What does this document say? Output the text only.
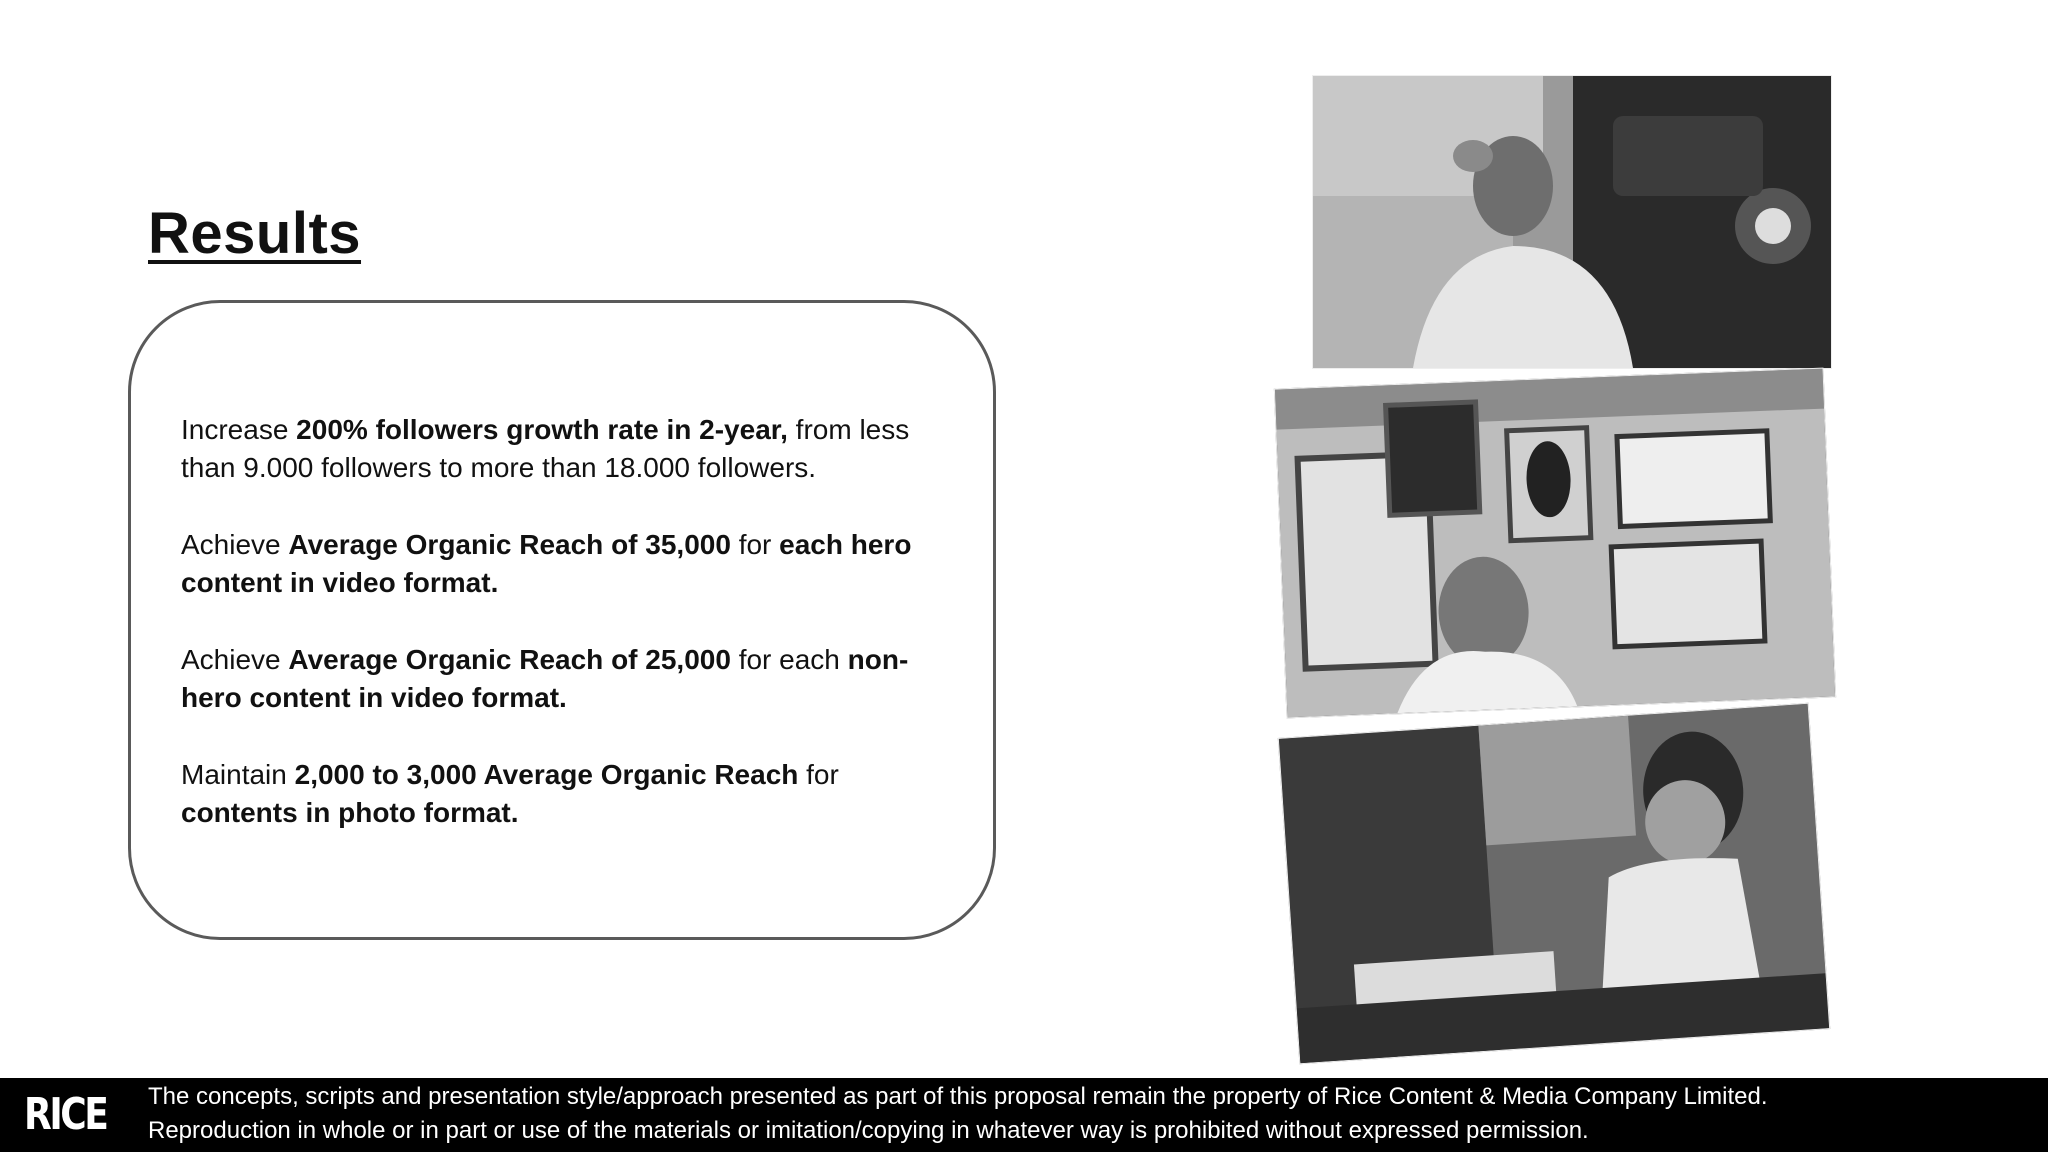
Results

Increase 200% followers growth rate in 2-year, from less than 9.000 followers to more than 18.000 followers.

Achieve Average Organic Reach of 35,000 for each hero content in video format.

Achieve Average Organic Reach of 25,000 for each non-hero content in video format.

Maintain 2,000 to 3,000 Average Organic Reach for contents in photo format.

RICE The concepts, scripts and presentation style/approach presented as part of this proposal remain the property of Rice Content & Media Company Limited.
Reproduction in whole or in part or use of the materials or imitation/copying in whatever way is prohibited without expressed permission.
